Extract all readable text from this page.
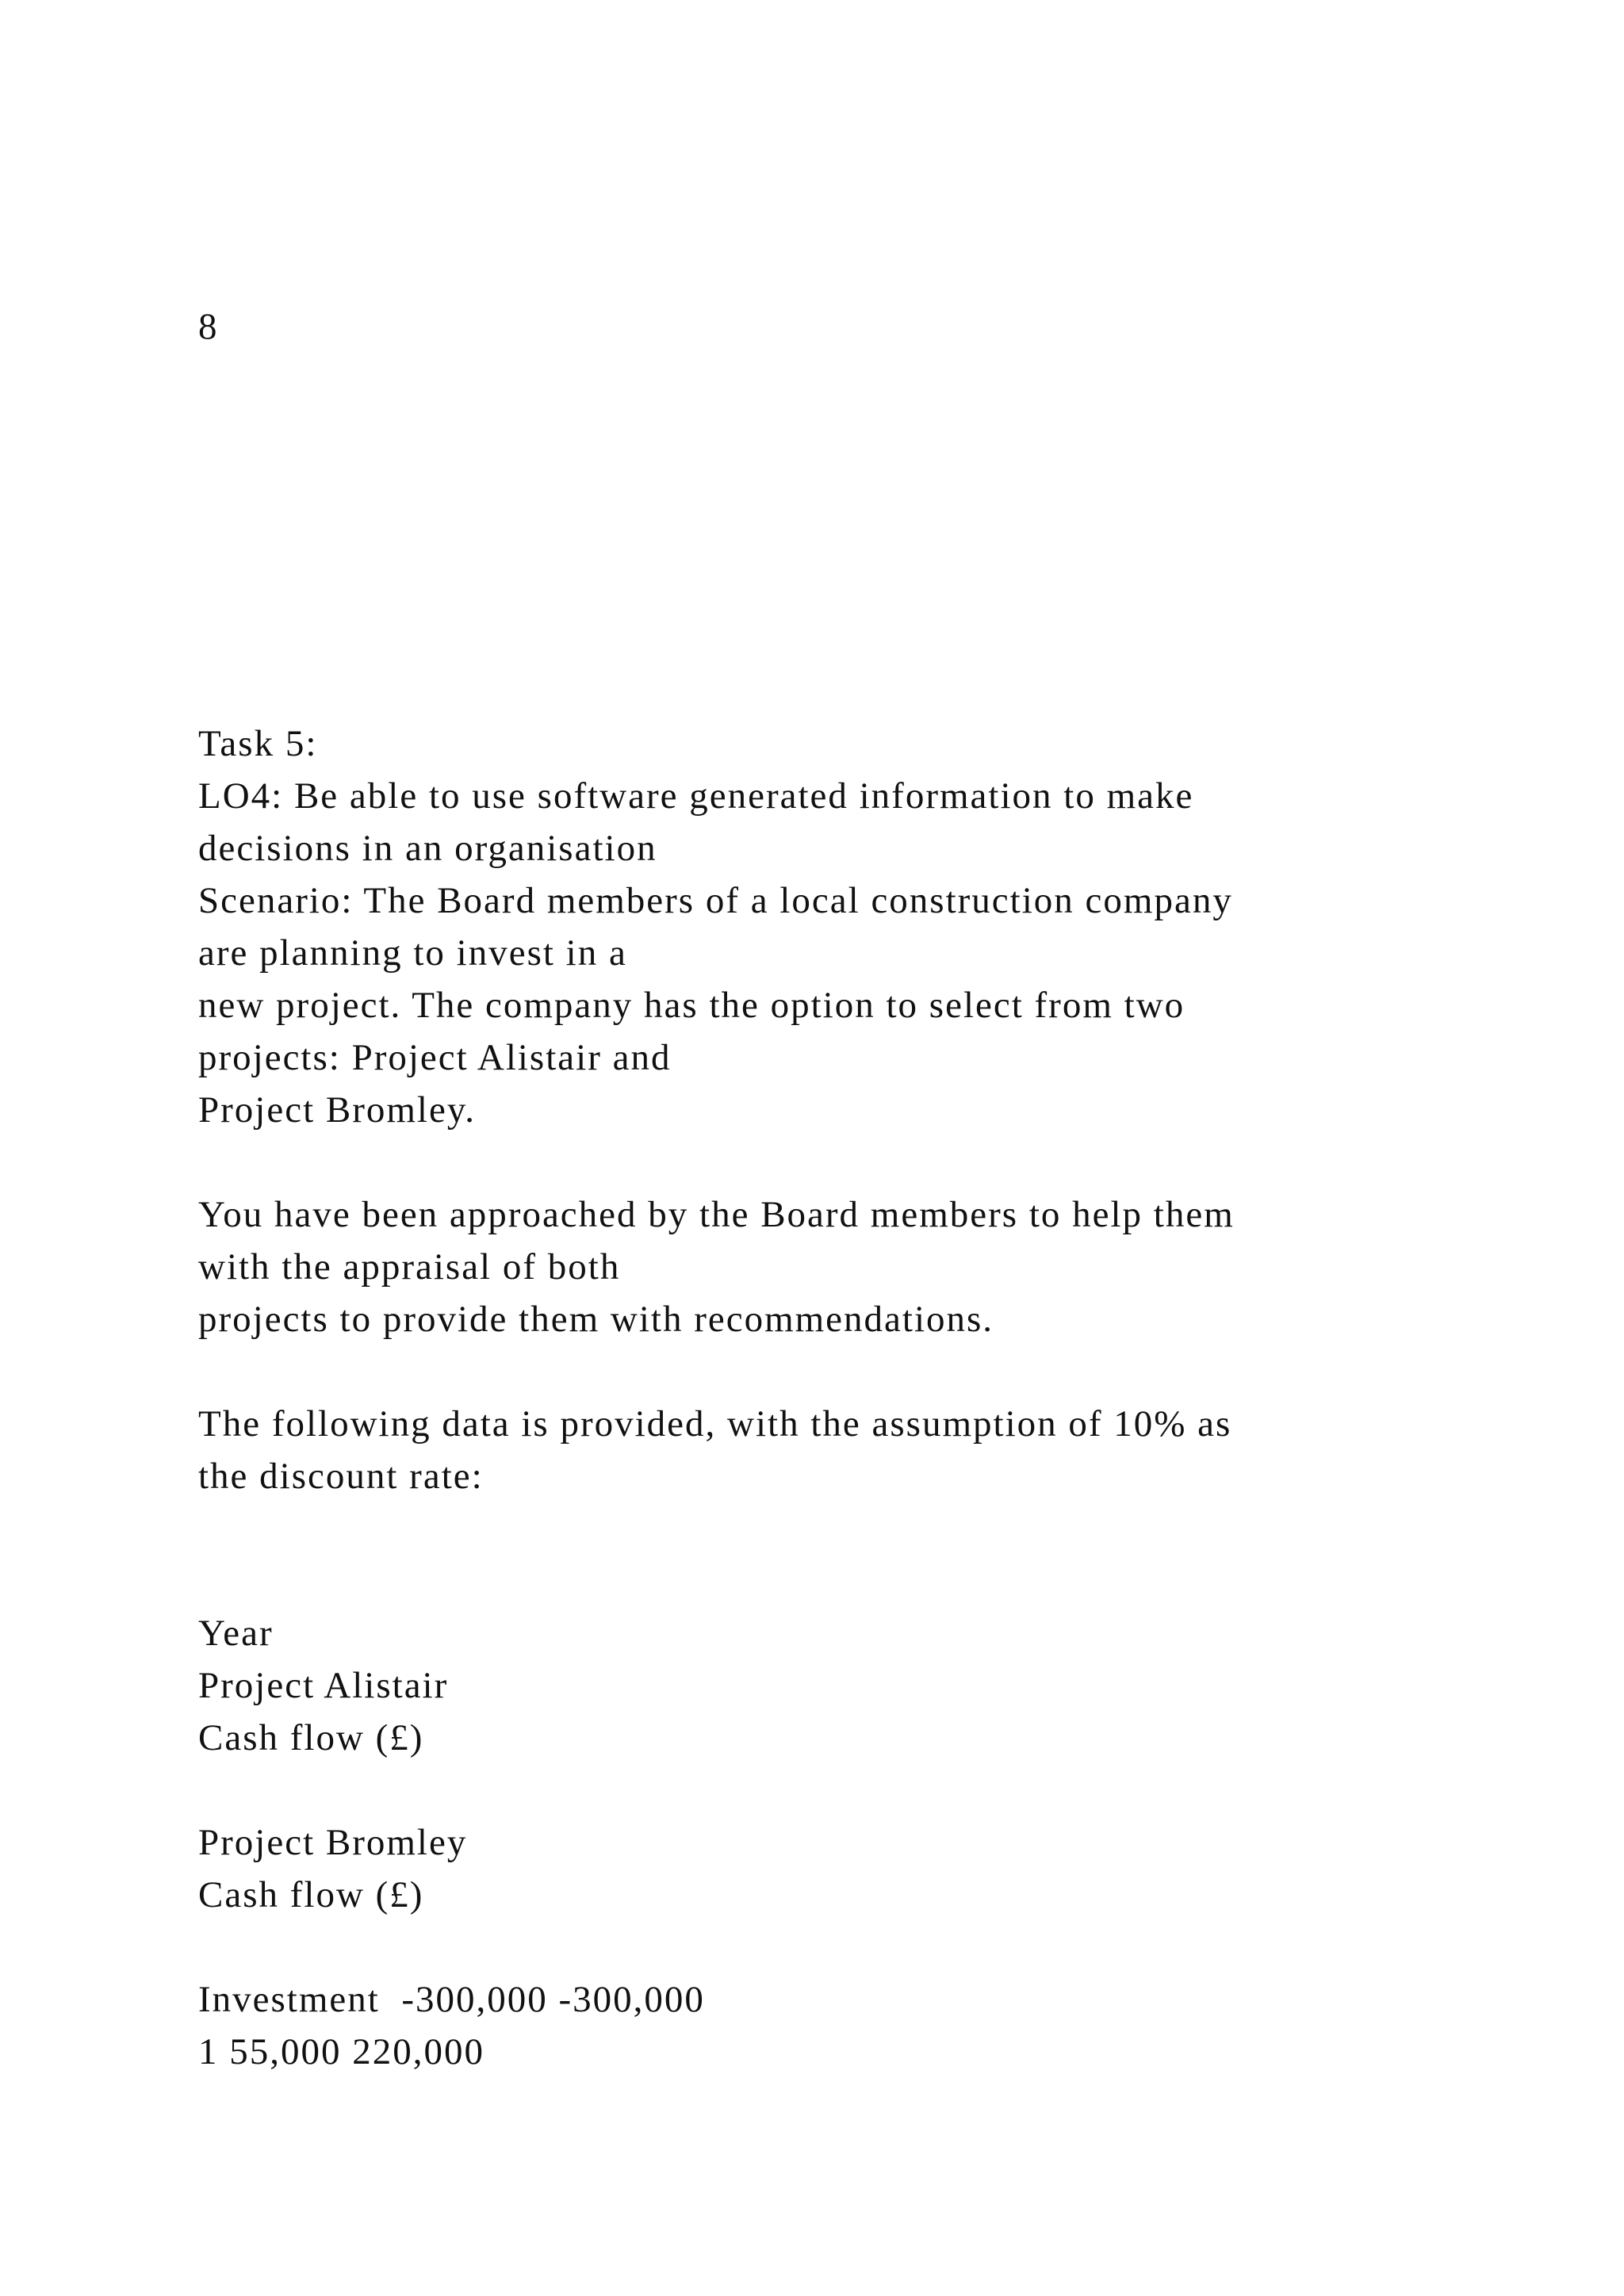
8
Task 5:
LO4: Be able to use software generated information to make
decisions in an organisation
Scenario: The Board members of a local construction company
are planning to invest in a
new project. The company has the option to select from two
projects: Project Alistair and
Project Bromley.
You have been approached by the Board members to help them
with the appraisal of both
projects to provide them with recommendations.
The following data is provided, with the assumption of 10% as
the discount rate:
Year
Project Alistair
Cash flow (£)
Project Bromley
Cash flow (£)
Investment  -300,000 -300,000
1 55,000 220,000
